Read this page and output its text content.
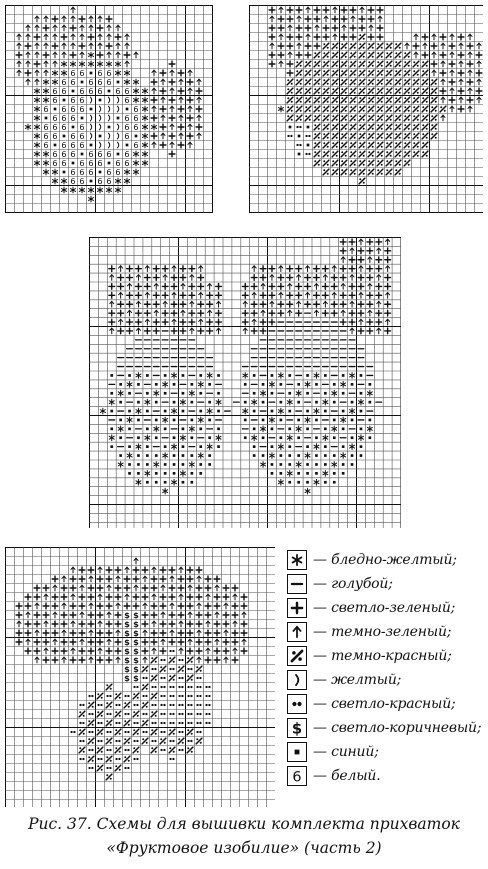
6 6 6 6
6 6 6 6 6
6 6 6 6 6 6 6
6 6 6	6
6 6 6 6	6
6 6 6	6 6
6 6 6 6	6 6
6 6 6 6	6
6 6 6 6	6
6 6 6 6 6 6 6
6 6 6 6 6 6 6
6 6 6 6 6
6 6 6 6
$ $
$ $
$ $
$ $
$ $
$ $
$ $
$ $
— бледно-желтый;
— голубой;
— светло-зеленый;
— темно-зеленый;
— темно-красный;
— желтый;
— светло-красный;
$ — светло-коричневый;
— синий;
6 — белый.
Рис. 37. Схемы для вышивки комплекта прихваток
«Фруктовое изобилие» (часть 2)
